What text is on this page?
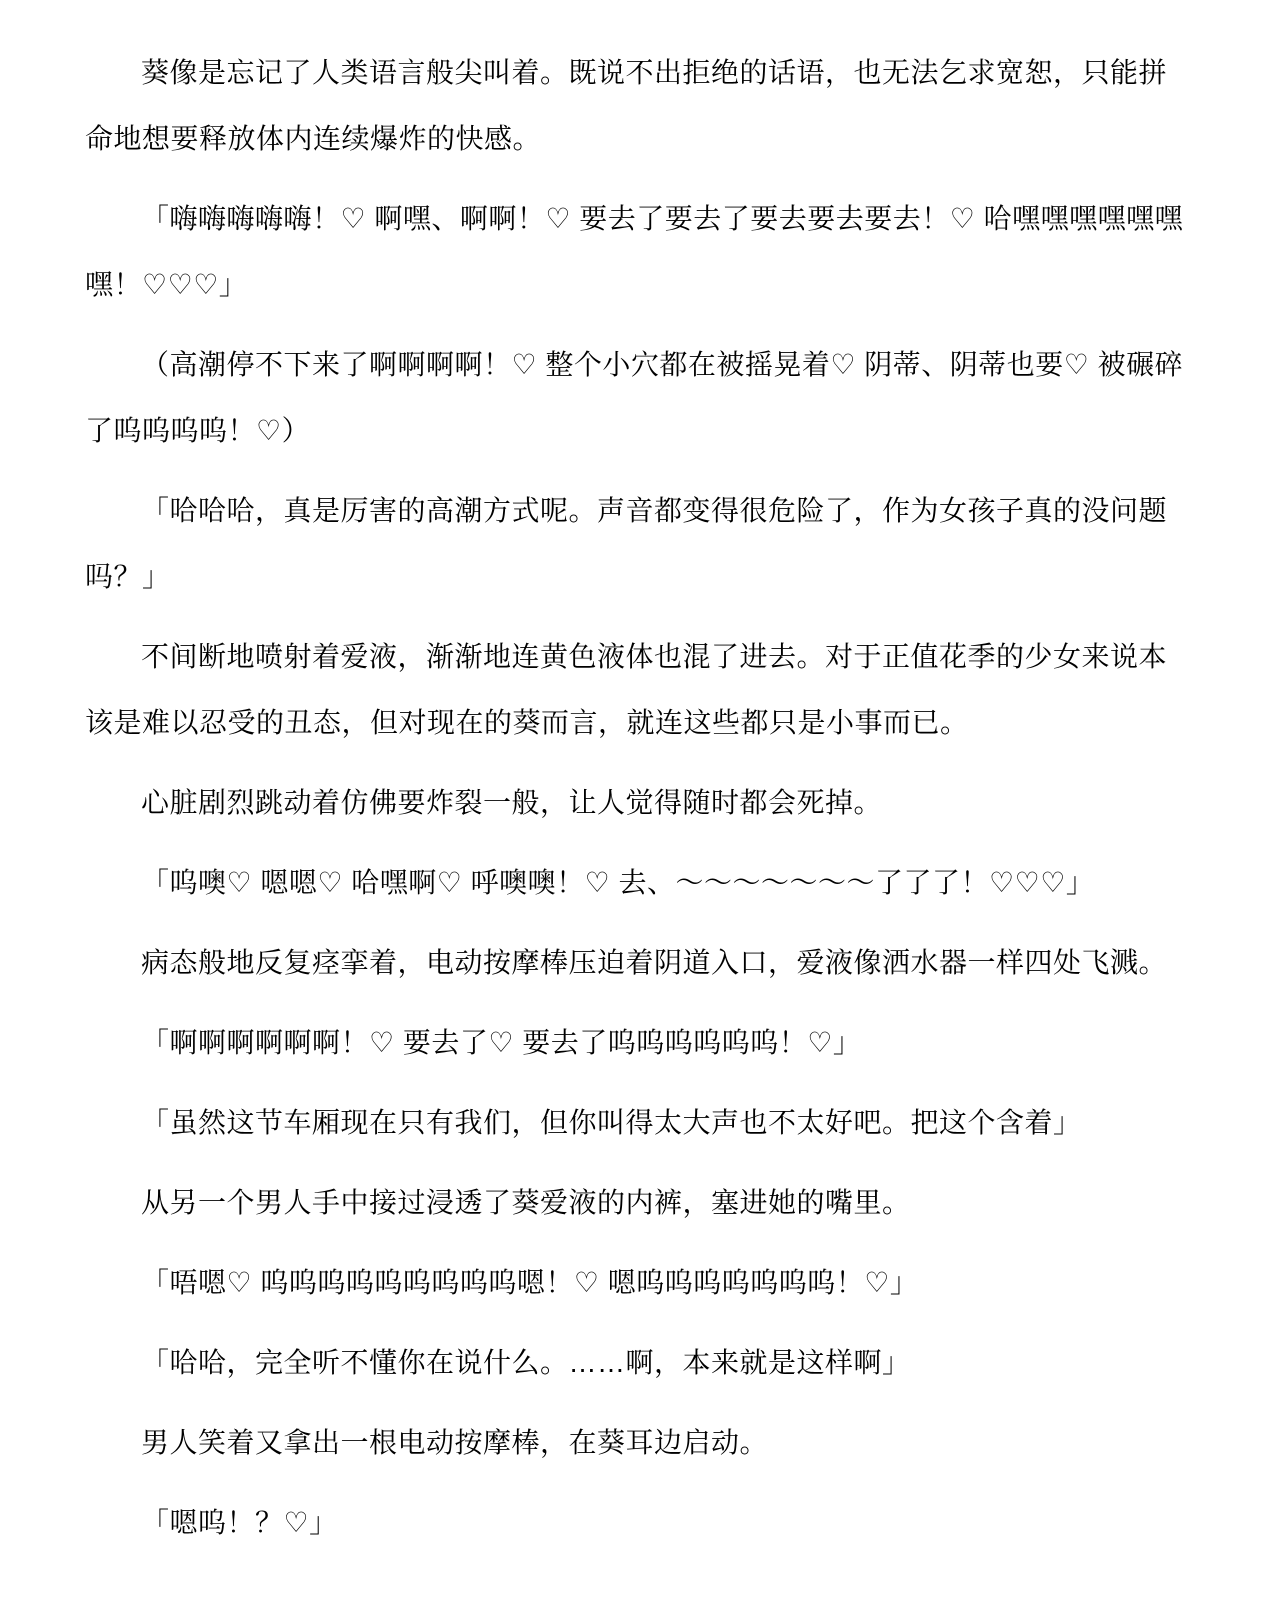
葵像是忘记了人类语言般尖叫着。既说不出拒绝的话语，也无法乞求宽恕，只能拼命地想要释放体内连续爆炸的快感。

「嗨嗨嗨嗨嗨！♡ 啊嘿、啊啊！♡ 要去了要去了要去要去要去！♡ 哈嘿嘿嘿嘿嘿嘿嘿！♡♡♡」

（高潮停不下来了啊啊啊啊！♡ 整个小穴都在被摇晃着♡ 阴蒂、阴蒂也要♡ 被碾碎了呜呜呜呜！♡）

「哈哈哈，真是厉害的高潮方式呢。声音都变得很危险了，作为女孩子真的没问题吗？」

不间断地喷射着爱液，渐渐地连黄色液体也混了进去。对于正值花季的少女来说本该是难以忍受的丑态，但对现在的葵而言，就连这些都只是小事而已。

心脏剧烈跳动着仿佛要炸裂一般，让人觉得随时都会死掉。

「呜噢♡ 嗯嗯♡ 哈嘿啊♡ 呼噢噢！♡ 去、～～～～～～～了了了！♡♡♡」

病态般地反复痉挛着，电动按摩棒压迫着阴道入口，爱液像洒水器一样四处飞溅。

「啊啊啊啊啊啊！♡ 要去了♡ 要去了呜呜呜呜呜呜！♡」

「虽然这节车厢现在只有我们，但你叫得太大声也不太好吧。把这个含着」

从另一个男人手中接过浸透了葵爱液的内裤，塞进她的嘴里。

「唔嗯♡ 呜呜呜呜呜呜呜呜呜嗯！♡ 嗯呜呜呜呜呜呜呜！♡」

「哈哈，完全听不懂你在说什么。……啊，本来就是这样啊」

男人笑着又拿出一根电动按摩棒，在葵耳边启动。

「嗯呜！？♡」
